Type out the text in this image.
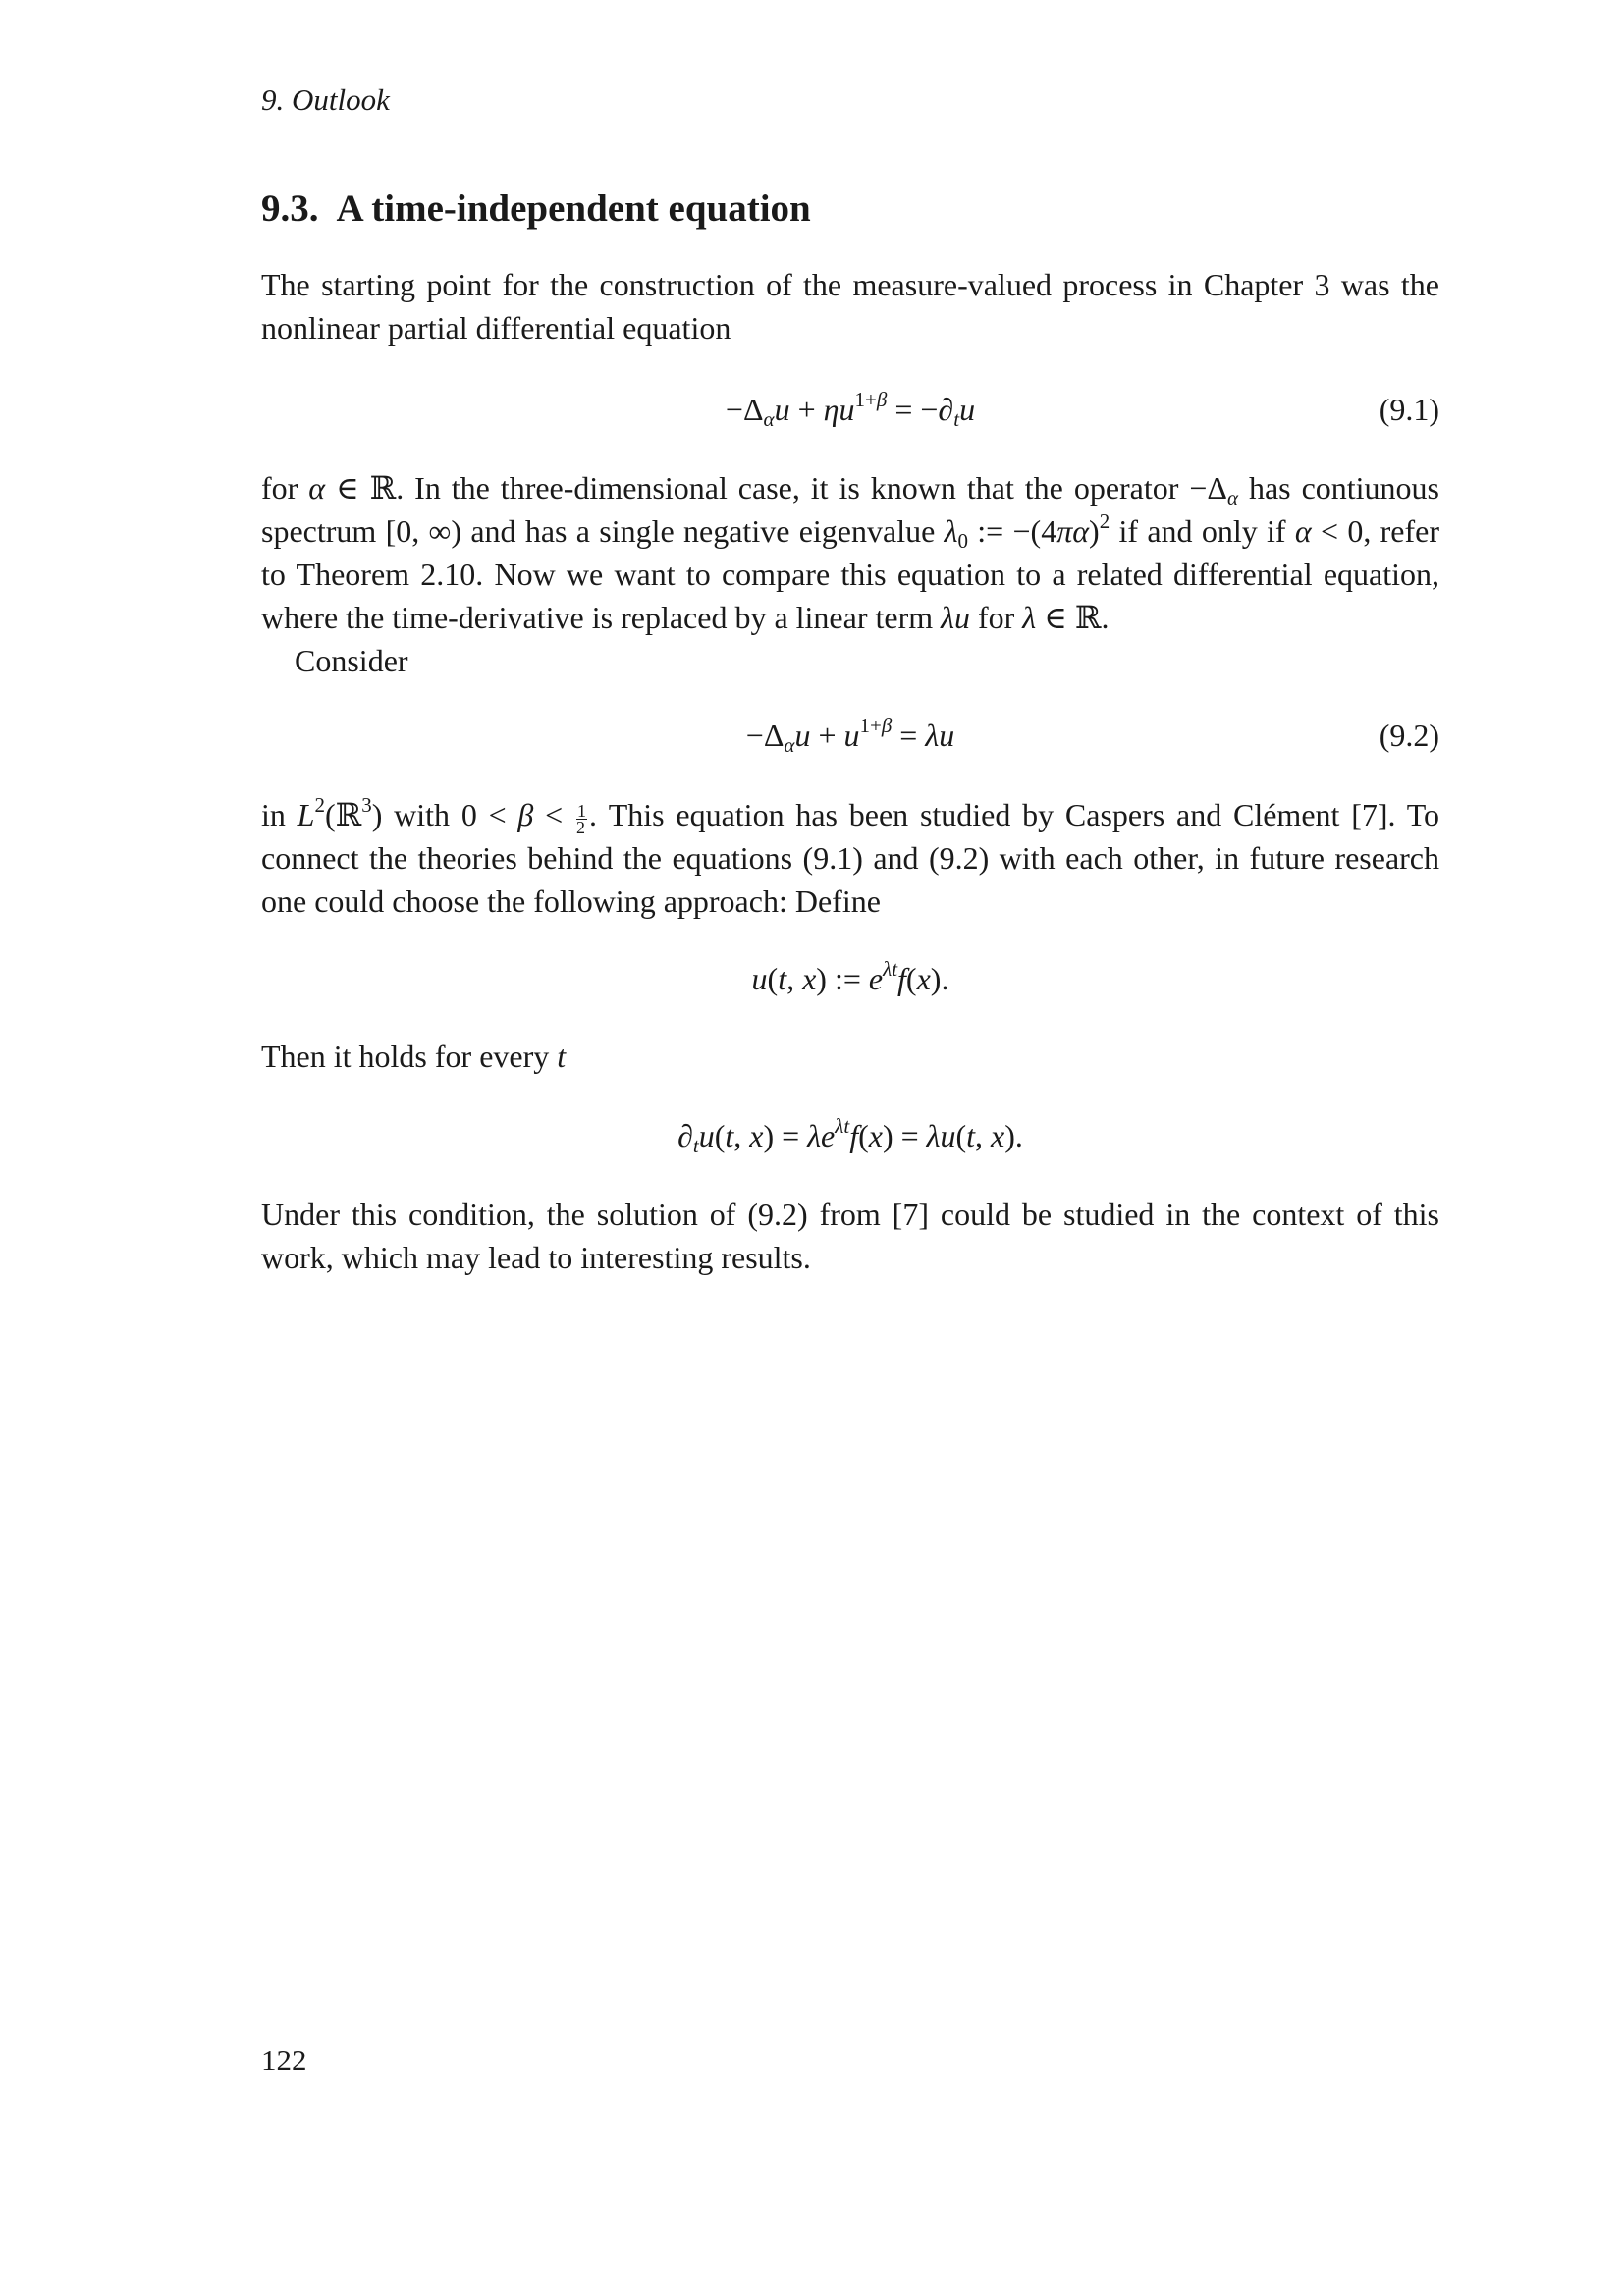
9. Outlook
9.3. A time-independent equation

The starting point for the construction of the measure-valued process in Chapter 3 was the
nonlinear partial differential equation

$-\Delta_\alpha u + \eta u^{1+\beta} = -\partial_tu$	(9.1)

for α ∈ ℝ. In the three-dimensional case, it is known that the operator $-\Delta_\alpha$ has contiunous
spectrum [0, ∞) and has a single negative eigenvalue $\lambda_0$ := $-(4\pi\alpha)^2$ if and only if α < 0, refer
to Theorem 2.10. Now we want to compare this equation to a related differential equation,
where the time-derivative is replaced by a linear term λu for λ ∈ ℝ.
Consider

$-\Delta_\alpha u + u^{1+\beta} = \lambda u$	(9.2)

in $L^2(ℝ^3)$ with $0 < \beta < \frac{1}{2}$ . This equation has been studied by Caspers and Clément [7]. To
connect the theories behind the equations (9.1) and (9.2) with each other, in future research
one could choose the following approach: Define

u(t, x) := $e^{\lambda t}f(x)$.

Then it holds for every t

$\partial_tu(t$, $x) = \lambda e^{\lambda t}f(x) = \lambda u(t$, x).

Under this condition, the solution of (9.2) from [7] could be studied in the context of this
work, which may lead to interesting results.

122
